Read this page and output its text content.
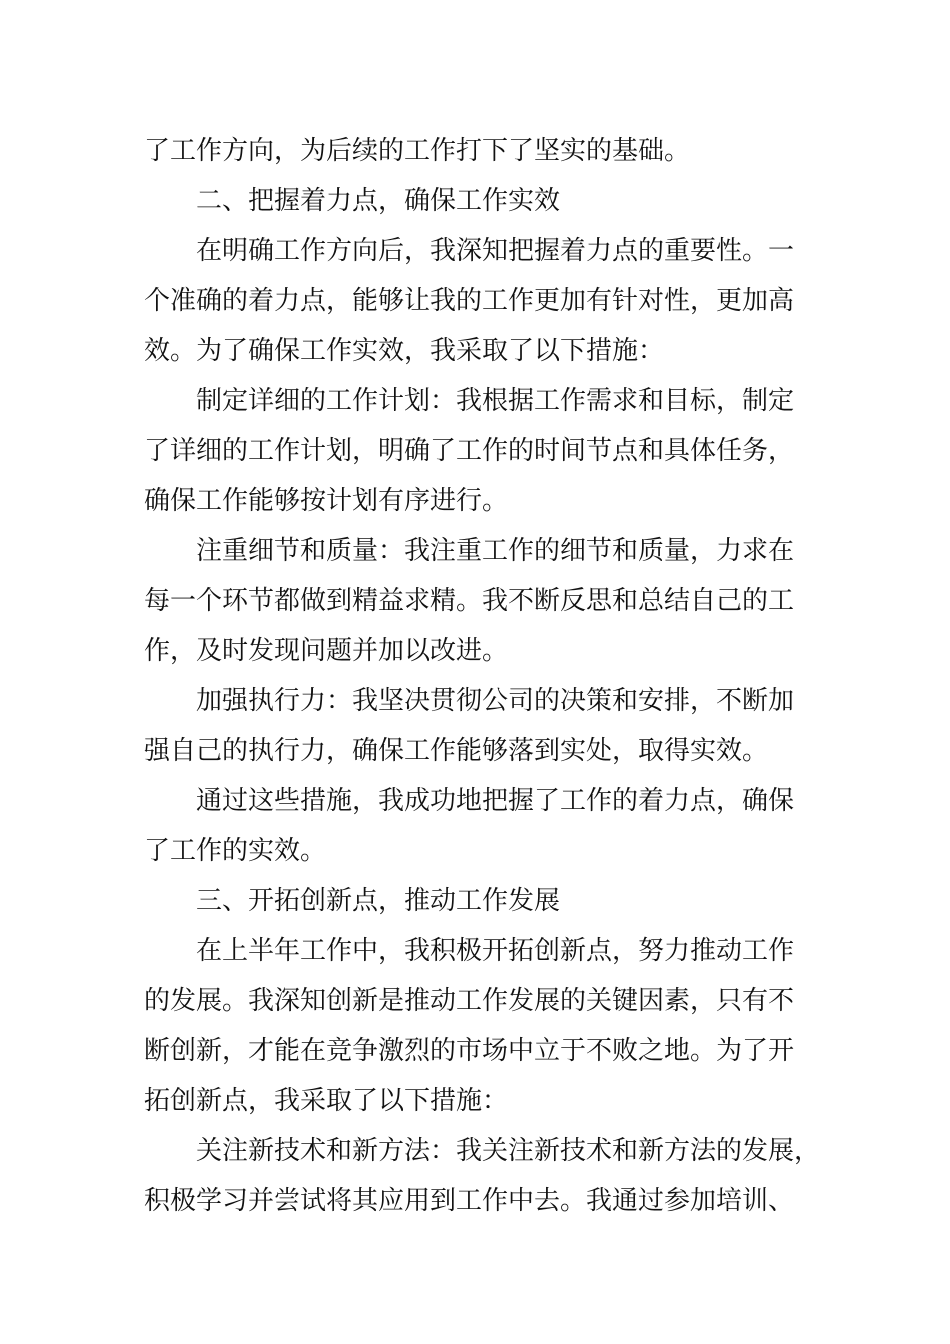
了工作方向，为后续的工作打下了坚实的基础。
二、把握着力点，确保工作实效
在明确工作方向后，我深知把握着力点的重要性。一
个准确的着力点，能够让我的工作更加有针对性，更加高
效。为了确保工作实效，我采取了以下措施：
制定详细的工作计划：我根据工作需求和目标，制定
了详细的工作计划，明确了工作的时间节点和具体任务，
确保工作能够按计划有序进行。
注重细节和质量：我注重工作的细节和质量，力求在
每一个环节都做到精益求精。我不断反思和总结自己的工
作，及时发现问题并加以改进。
加强执行力：我坚决贯彻公司的决策和安排，不断加
强自己的执行力，确保工作能够落到实处，取得实效。
通过这些措施，我成功地把握了工作的着力点，确保
了工作的实效。
三、开拓创新点，推动工作发展
在上半年工作中，我积极开拓创新点，努力推动工作
的发展。我深知创新是推动工作发展的关键因素，只有不
断创新，才能在竞争激烈的市场中立于不败之地。为了开
拓创新点，我采取了以下措施：
关注新技术和新方法：我关注新技术和新方法的发展，
积极学习并尝试将其应用到工作中去。我通过参加培训、
